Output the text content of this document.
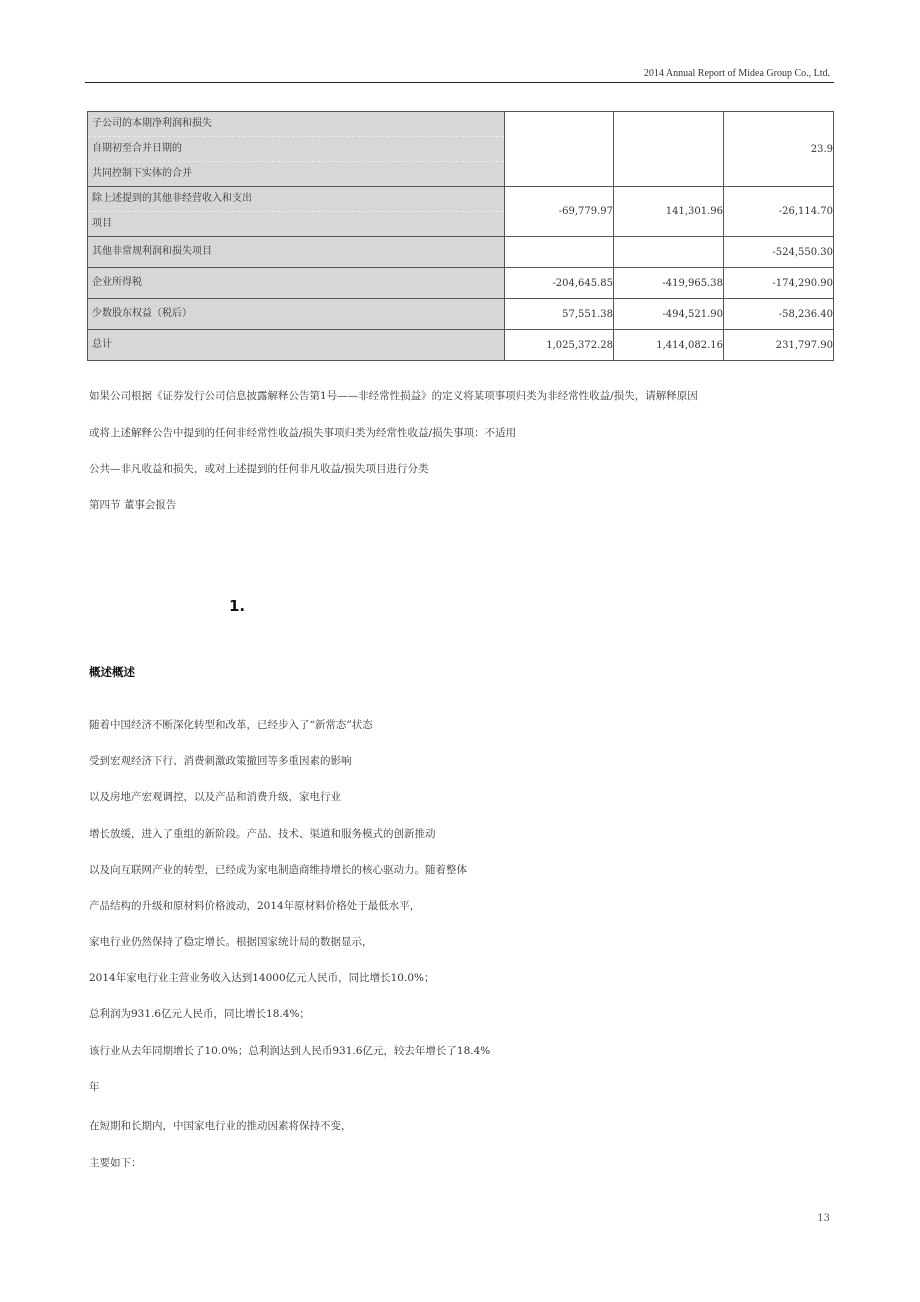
2014 Annual Report of Midea Group Co., Ltd.
子公司的本期净利润和损失
自期初至合并日期的
共同控制下实体的合并			23.9

除上述提到的其他非经营收入和支出
项目	-69,779.97	141,301.96	-26,114.70

其他非常规利润和损失项目			-524,550.30

企业所得税	-204,645.85	-419,965.38	-174,290.90

少数股东权益（税后）	57,551.38	-494,521.90	-58,236.40

总计	1,025,372.28	1,414,082.16	231,797.90
如果公司根据《证券发行公司信息披露解释公告第1号——非经常性损益》的定义将某项事项归类为非经常性收益/损失，请解释原因
或将上述解释公告中提到的任何非经常性收益/损失事项归类为经常性收益/损失事项：不适用
公共—非凡收益和损失，或对上述提到的任何非凡收益/损失项目进行分类
第四节 董事会报告
1.
概述概述
随着中国经济不断深化转型和改革，已经步入了“新常态”状态
受到宏观经济下行、消费刺激政策撤回等多重因素的影响
以及房地产宏观调控，以及产品和消费升级，家电行业
增长放缓，进入了重组的新阶段。产品、技术、渠道和服务模式的创新推动
以及向互联网产业的转型，已经成为家电制造商维持增长的核心驱动力。随着整体
产品结构的升级和原材料价格波动，2014年原材料价格处于最低水平，
家电行业仍然保持了稳定增长。根据国家统计局的数据显示，
2014年家电行业主营业务收入达到14000亿元人民币，同比增长10.0%；
总利润为931.6亿元人民币，同比增长18.4%；
该行业从去年同期增长了10.0%；总利润达到人民币931.6亿元，较去年增长了18.4%
年
在短期和长期内，中国家电行业的推动因素将保持不变，
主要如下：
13
